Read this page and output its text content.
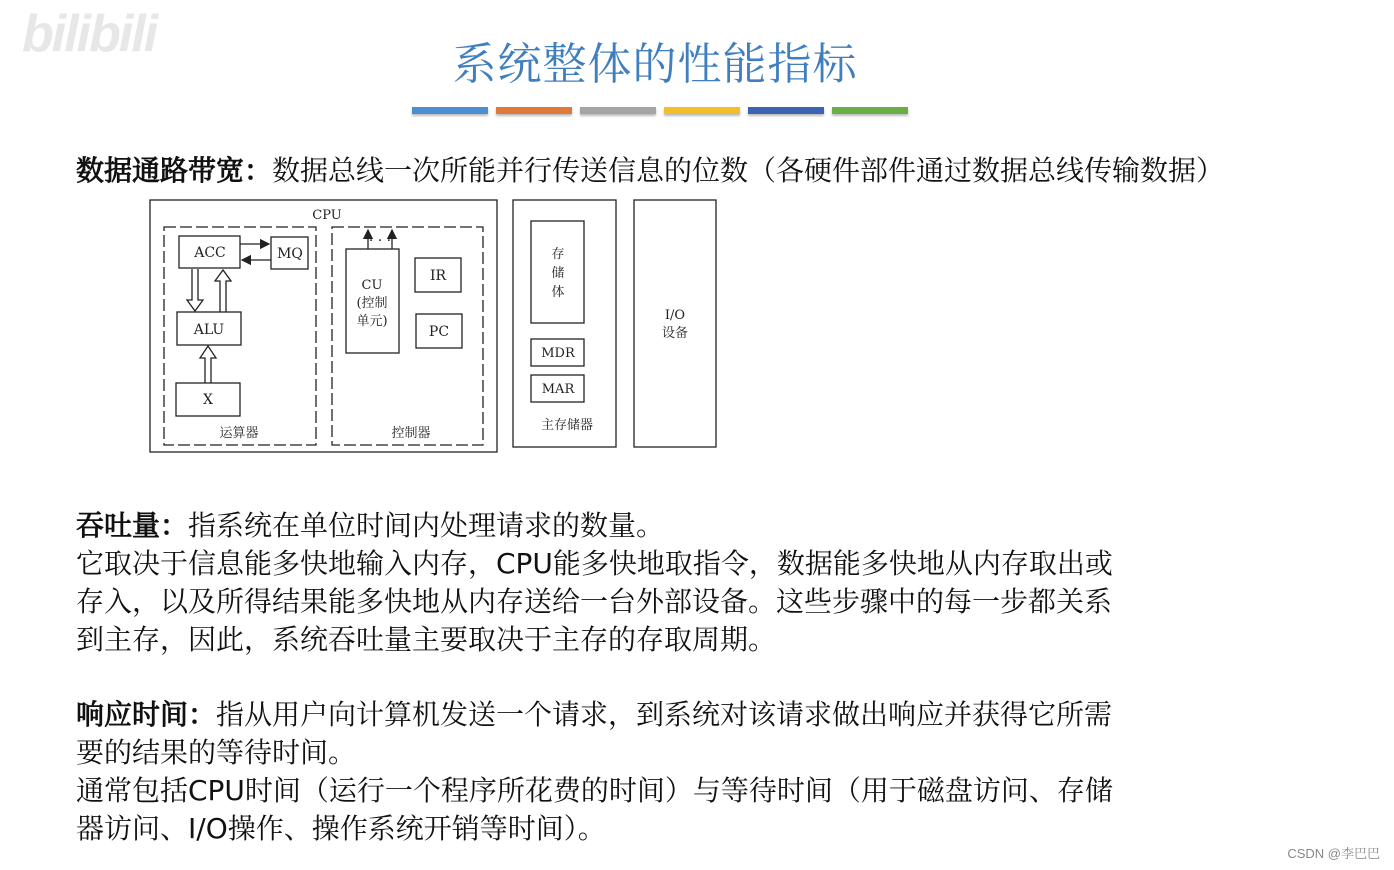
bilibili
系统整体的性能指标
数据通路带宽：数据总线一次所能并行传送信息的位数（各硬件部件通过数据总线传输数据）
· · ·
CPU
ACC	MQ
ALU
X
运算器
CU
(控制
单元)
IR
PC
控制器
存
储
体
MDR
MAR
主存储器
I/O
设备
吞吐量：指系统在单位时间内处理请求的数量。
它取决于信息能多快地输入内存，CPU能多快地取指令，数据能多快地从内存取出或
存入，以及所得结果能多快地从内存送给一台外部设备。这些步骤中的每一步都关系
到主存，因此，系统吞吐量主要取决于主存的存取周期。
响应时间：指从用户向计算机发送一个请求，到系统对该请求做出响应并获得它所需
要的结果的等待时间。
通常包括CPU时间（运行一个程序所花费的时间）与等待时间（用于磁盘访问、存储
器访问、I/O操作、操作系统开销等时间）。
CSDN @李巴巴
